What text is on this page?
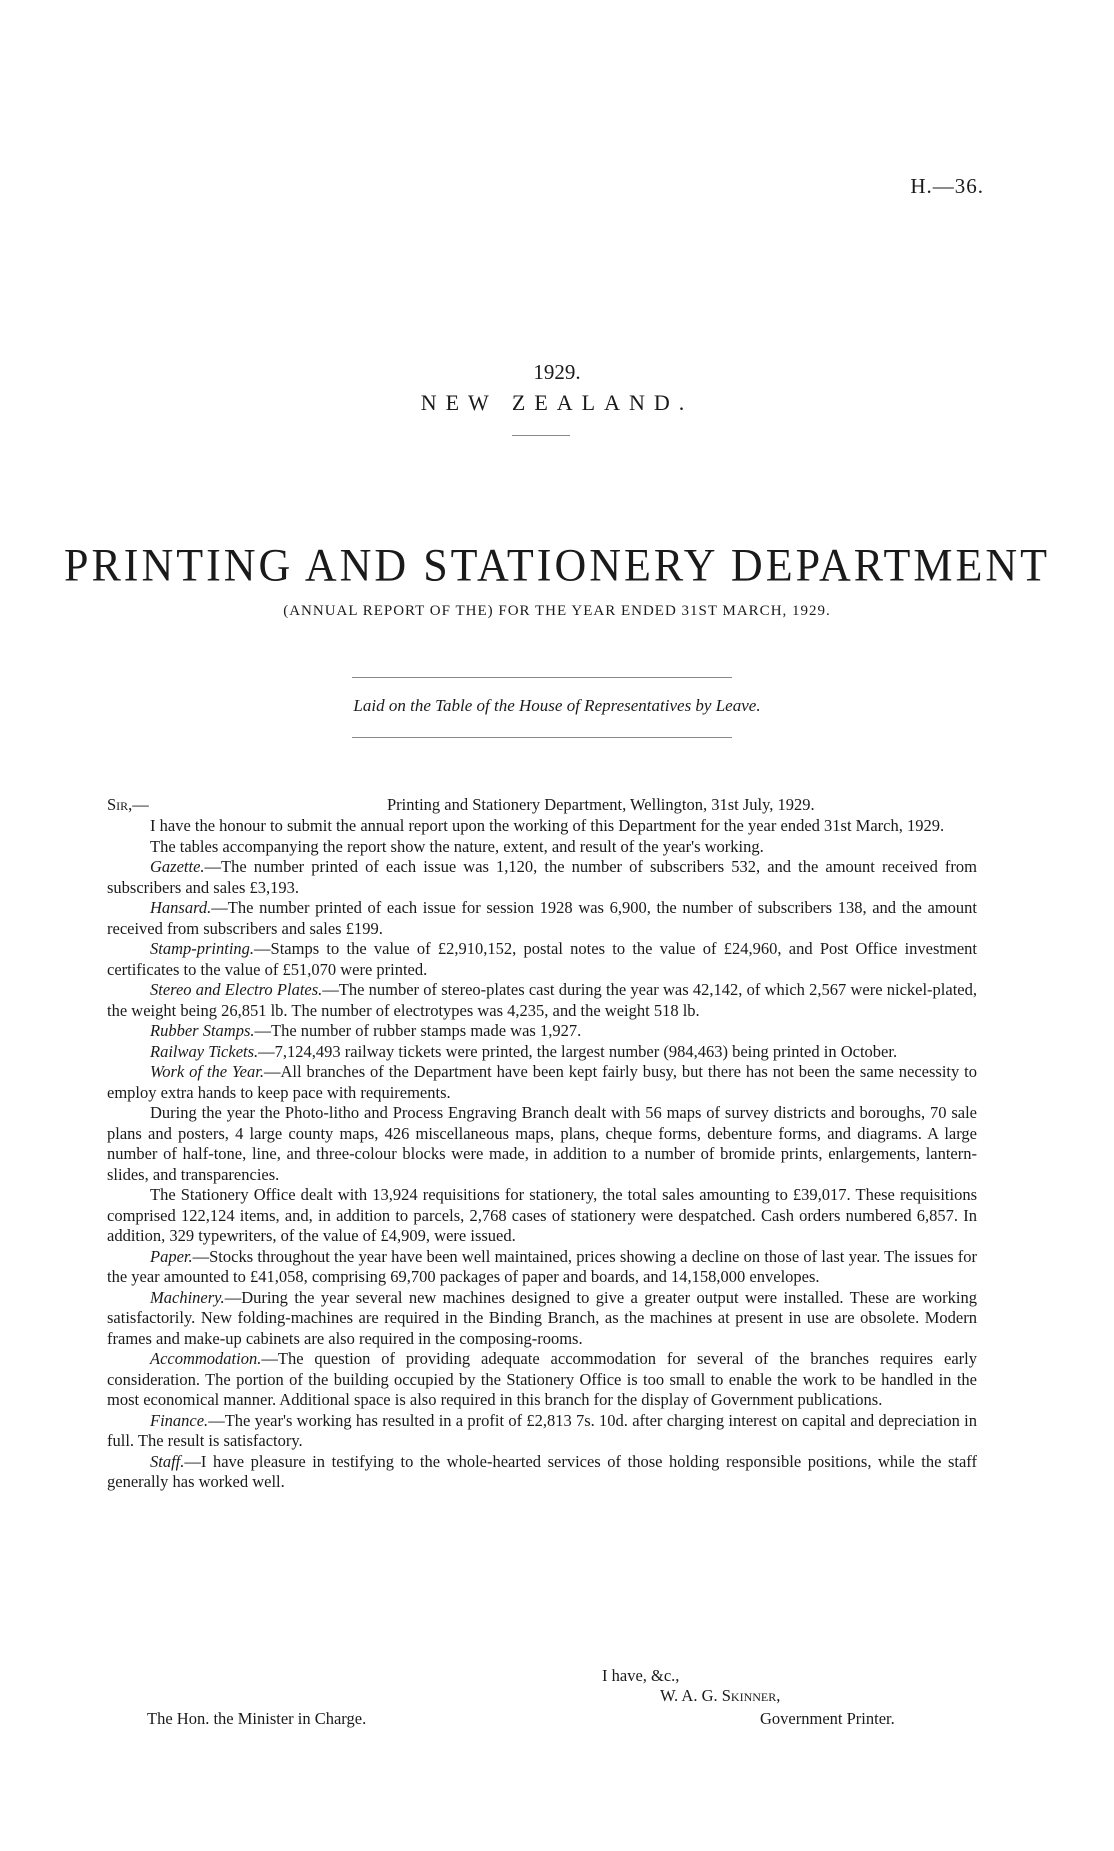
H.—36.
1929.
NEW ZEALAND.
PRINTING AND STATIONERY DEPARTMENT
(ANNUAL REPORT OF THE) FOR THE YEAR ENDED 31ST MARCH, 1929.
Laid on the Table of the House of Representatives by Leave.
Sir,—	Printing and Stationery Department, Wellington, 31st July, 1929.

I have the honour to submit the annual report upon the working of this Department for the year ended 31st March, 1929.

The tables accompanying the report show the nature, extent, and result of the year's working.

Gazette.—The number printed of each issue was 1,120, the number of subscribers 532, and the amount received from subscribers and sales £3,193.

Hansard.—The number printed of each issue for session 1928 was 6,900, the number of subscribers 138, and the amount received from subscribers and sales £199.

Stamp-printing.—Stamps to the value of £2,910,152, postal notes to the value of £24,960, and Post Office investment certificates to the value of £51,070 were printed.

Stereo and Electro Plates.—The number of stereo-plates cast during the year was 42,142, of which 2,567 were nickel-plated, the weight being 26,851 lb. The number of electrotypes was 4,235, and the weight 518 lb.

Rubber Stamps.—The number of rubber stamps made was 1,927.

Railway Tickets.—7,124,493 railway tickets were printed, the largest number (984,463) being printed in October.

Work of the Year.—All branches of the Department have been kept fairly busy, but there has not been the same necessity to employ extra hands to keep pace with requirements.

During the year the Photo-litho and Process Engraving Branch dealt with 56 maps of survey districts and boroughs, 70 sale plans and posters, 4 large county maps, 426 miscellaneous maps, plans, cheque forms, debenture forms, and diagrams. A large number of half-tone, line, and three-colour blocks were made, in addition to a number of bromide prints, enlargements, lantern-slides, and transparencies.

The Stationery Office dealt with 13,924 requisitions for stationery, the total sales amounting to £39,017. These requisitions comprised 122,124 items, and, in addition to parcels, 2,768 cases of stationery were despatched. Cash orders numbered 6,857. In addition, 329 typewriters, of the value of £4,909, were issued.

Paper.—Stocks throughout the year have been well maintained, prices showing a decline on those of last year. The issues for the year amounted to £41,058, comprising 69,700 packages of paper and boards, and 14,158,000 envelopes.

Machinery.—During the year several new machines designed to give a greater output were installed. These are working satisfactorily. New folding-machines are required in the Binding Branch, as the machines at present in use are obsolete. Modern frames and make-up cabinets are also required in the composing-rooms.

Accommodation.—The question of providing adequate accommodation for several of the branches requires early consideration. The portion of the building occupied by the Stationery Office is too small to enable the work to be handled in the most economical manner. Additional space is also required in this branch for the display of Government publications.

Finance.—The year's working has resulted in a profit of £2,813 7s. 10d. after charging interest on capital and depreciation in full. The result is satisfactory.

Staff.—I have pleasure in testifying to the whole-hearted services of those holding responsible positions, while the staff generally has worked well.

I have, &c.,
W. A. G. Skinner,
The Hon. the Minister in Charge.	Government Printer.
